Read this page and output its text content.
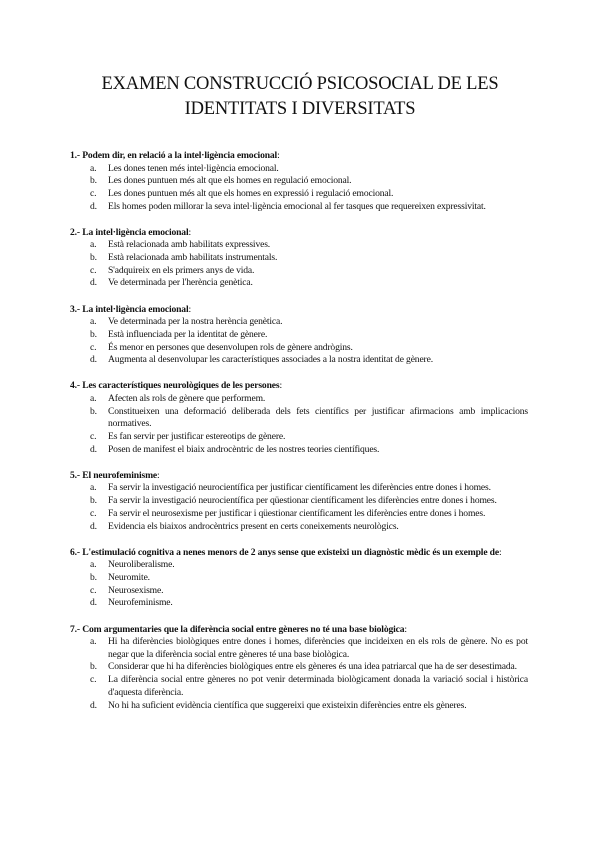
EXAMEN CONSTRUCCIÓ PSICOSOCIAL DE LES
IDENTITATS I DIVERSITATS
1.- Podem dir, en relació a la intel·ligència emocional:
a. Les dones tenen més intel·ligència emocional.
b. Les dones puntuen més alt que els homes en regulació emocional.
c. Les dones puntuen més alt que els homes en expressió i regulació emocional.
d. Els homes poden millorar la seva intel·ligència emocional al fer tasques que requereixen expressivitat.
2.- La intel·ligència emocional:
a. Està relacionada amb habilitats expressives.
b. Està relacionada amb habilitats instrumentals.
c. S'adquireix en els primers anys de vida.
d. Ve determinada per l'herència genètica.
3.- La intel·ligència emocional:
a. Ve determinada per la nostra herència genètica.
b. Està influenciada per la identitat de gènere.
c. És menor en persones que desenvolupen rols de gènere andrògins.
d. Augmenta al desenvolupar les característiques associades a la nostra identitat de gènere.
4.- Les característiques neurològiques de les persones:
a. Afecten als rols de gènere que performem.
b. Constitueixen una deformació deliberada dels fets científics per justificar afirmacions amb implicacions normatives.
c. Es fan servir per justificar estereotips de gènere.
d. Posen de manifest el biaix androcèntric de les nostres teories científiques.
5.- El neurofeminisme:
a. Fa servir la investigació neurocientífica per justificar científicament les diferències entre dones i homes.
b. Fa servir la investigació neurocientífica per qüestionar científicament les diferències entre dones i homes.
c. Fa servir el neurosexisme per justificar i qüestionar científicament les diferències entre dones i homes.
d. Evidencia els biaixos androcèntrics present en certs coneixements neurològics.
6.- L'estimulació cognitiva a nenes menors de 2 anys sense que existeixi un diagnòstic mèdic és un exemple de:
a. Neuroliberalisme.
b. Neuromite.
c. Neurosexisme.
d. Neurofeminisme.
7.- Com argumentaries que la diferència social entre gèneres no té una base biològica:
a. Hi ha diferències biològiques entre dones i homes, diferències que incideixen en els rols de gènere. No es pot negar que la diferència social entre gèneres té una base biològica.
b. Considerar que hi ha diferències biològiques entre els gèneres és una idea patriarcal que ha de ser desestimada.
c. La diferència social entre gèneres no pot venir determinada biològicament donada la variació social i històrica d'aquesta diferència.
d. No hi ha suficient evidència científica que suggereixi que existeixin diferències entre els gèneres.
